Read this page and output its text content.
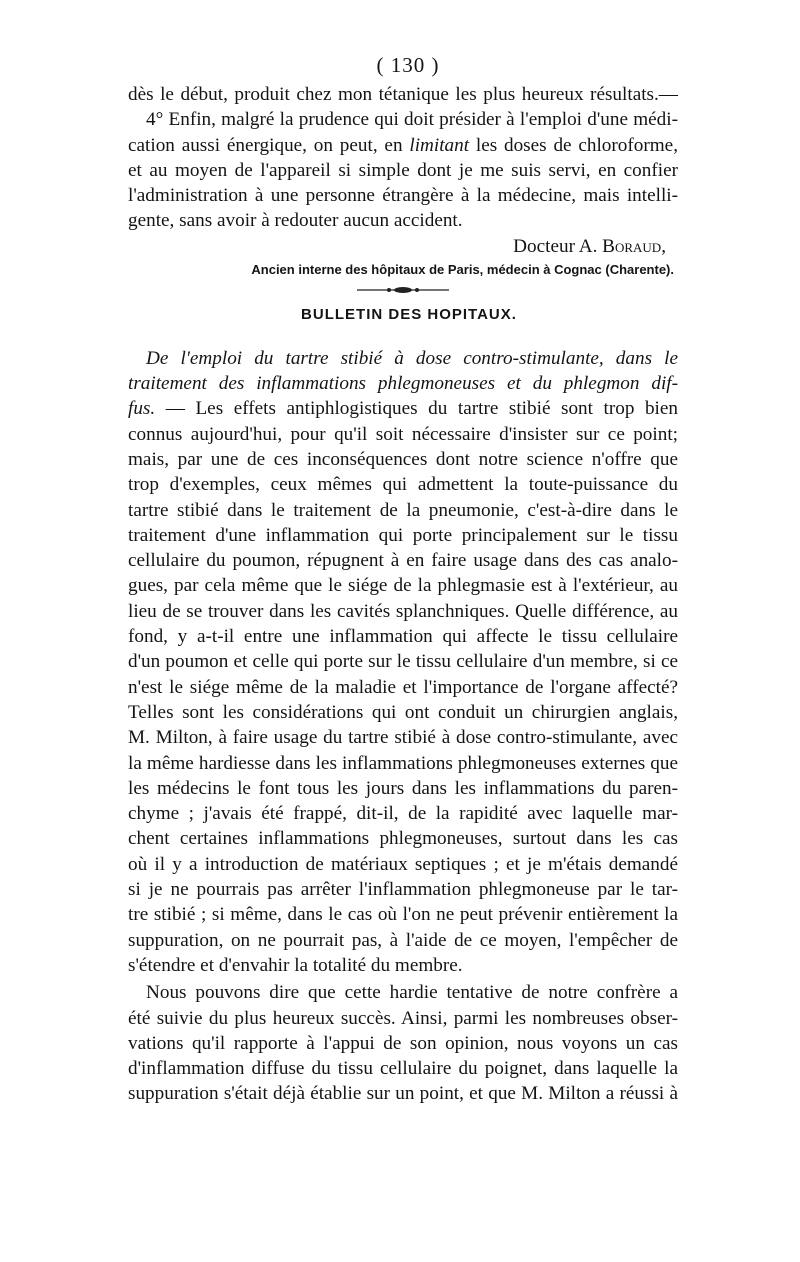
( 130 )
dès le début, produit chez mon tétanique les plus heureux résultats.—
4° Enfin, malgré la prudence qui doit présider à l'emploi d'une médi-
cation aussi énergique, on peut, en limitant les doses de chloroforme,
et au moyen de l'appareil si simple dont je me suis servi, en confier
l'administration à une personne étrangère à la médecine, mais intelli-
gente, sans avoir à redouter aucun accident.
Docteur A. Boraud,
Ancien interne des hôpitaux de Paris, médecin à Cognac (Charente).
BULLETIN DES HOPITAUX.
De l'emploi du tartre stibié à dose contro-stimulante, dans le
traitement des inflammations phlegmoneuses et du phlegmon dif-
fus. — Les effets antiphlogistiques du tartre stibié sont trop bien
connus aujourd'hui, pour qu'il soit nécessaire d'insister sur ce point;
mais, par une de ces inconséquences dont notre science n'offre que
trop d'exemples, ceux mêmes qui admettent la toute-puissance du
tartre stibié dans le traitement de la pneumonie, c'est-à-dire dans le
traitement d'une inflammation qui porte principalement sur le tissu
cellulaire du poumon, répugnent à en faire usage dans des cas analo-
gues, par cela même que le siége de la phlegmasie est à l'extérieur, au
lieu de se trouver dans les cavités splanchniques. Quelle différence, au
fond, y a-t-il entre une inflammation qui affecte le tissu cellulaire
d'un poumon et celle qui porte sur le tissu cellulaire d'un membre, si ce
n'est le siége même de la maladie et l'importance de l'organe affecté?
Telles sont les considérations qui ont conduit un chirurgien anglais,
M. Milton, à faire usage du tartre stibié à dose contro-stimulante, avec
la même hardiesse dans les inflammations phlegmoneuses externes que
les médecins le font tous les jours dans les inflammations du paren-
chyme ; j'avais été frappé, dit-il, de la rapidité avec laquelle mar-
chent certaines inflammations phlegmoneuses, surtout dans les cas
où il y a introduction de matériaux septiques ; et je m'étais demandé
si je ne pourrais pas arrêter l'inflammation phlegmoneuse par le tar-
tre stibié ; si même, dans le cas où l'on ne peut prévenir entièrement la
suppuration, on ne pourrait pas, à l'aide de ce moyen, l'empêcher de
s'étendre et d'envahir la totalité du membre.
Nous pouvons dire que cette hardie tentative de notre confrère a
été suivie du plus heureux succès. Ainsi, parmi les nombreuses obser-
vations qu'il rapporte à l'appui de son opinion, nous voyons un cas
d'inflammation diffuse du tissu cellulaire du poignet, dans laquelle la
suppuration s'était déjà établie sur un point, et que M. Milton a réussi à
